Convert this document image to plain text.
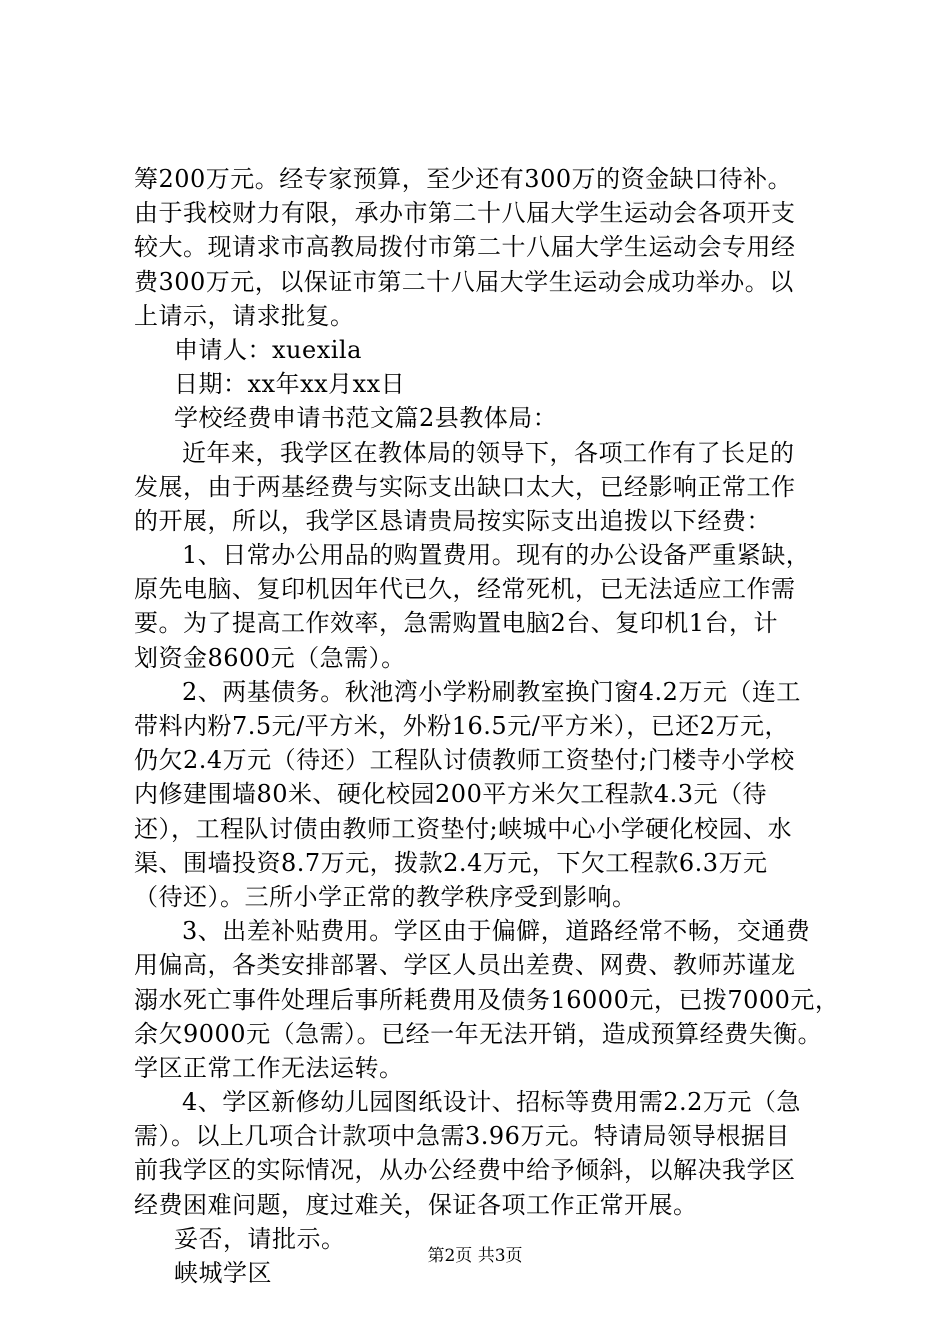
筹200万元。经专家预算，至少还有300万的资金缺口待补。
由于我校财力有限，承办市第二十八届大学生运动会各项开支
较大。现请求市高教局拨付市第二十八届大学生运动会专用经
费300万元，以保证市第二十八届大学生运动会成功举办。以
上请示，请求批复。
申请人：xuexila
日期：xx年xx月xx日
学校经费申请书范文篇2县教体局：
近年来，我学区在教体局的领导下，各项工作有了长足的
发展，由于两基经费与实际支出缺口太大，已经影响正常工作
的开展，所以，我学区恳请贵局按实际支出追拨以下经费：
1、日常办公用品的购置费用。现有的办公设备严重紧缺，
原先电脑、复印机因年代已久，经常死机，已无法适应工作需
要。为了提高工作效率，急需购置电脑2台、复印机1台，计
划资金8600元（急需）。
2、两基债务。秋池湾小学粉刷教室换门窗4.2万元（连工
带料内粉7.5元/平方米，外粉16.5元/平方米），已还2万元，
仍欠2.4万元（待还）工程队讨债教师工资垫付;门楼寺小学校
内修建围墙80米、硬化校园200平方米欠工程款4.3元（待
还），工程队讨债由教师工资垫付;峡城中心小学硬化校园、水
渠、围墙投资8.7万元，拨款2.4万元，下欠工程款6.3万元
（待还）。三所小学正常的教学秩序受到影响。
3、出差补贴费用。学区由于偏僻，道路经常不畅，交通费
用偏高，各类安排部署、学区人员出差费、网费、教师苏谨龙
溺水死亡事件处理后事所耗费用及债务16000元，已拨7000元，
余欠9000元（急需）。已经一年无法开销，造成预算经费失衡。
学区正常工作无法运转。
4、学区新修幼儿园图纸设计、招标等费用需2.2万元（急
需）。以上几项合计款项中急需3.96万元。特请局领导根据目
前我学区的实际情况，从办公经费中给予倾斜，以解决我学区
经费困难问题，度过难关，保证各项工作正常开展。
妥否，请批示。
峡城学区
第2页 共3页
